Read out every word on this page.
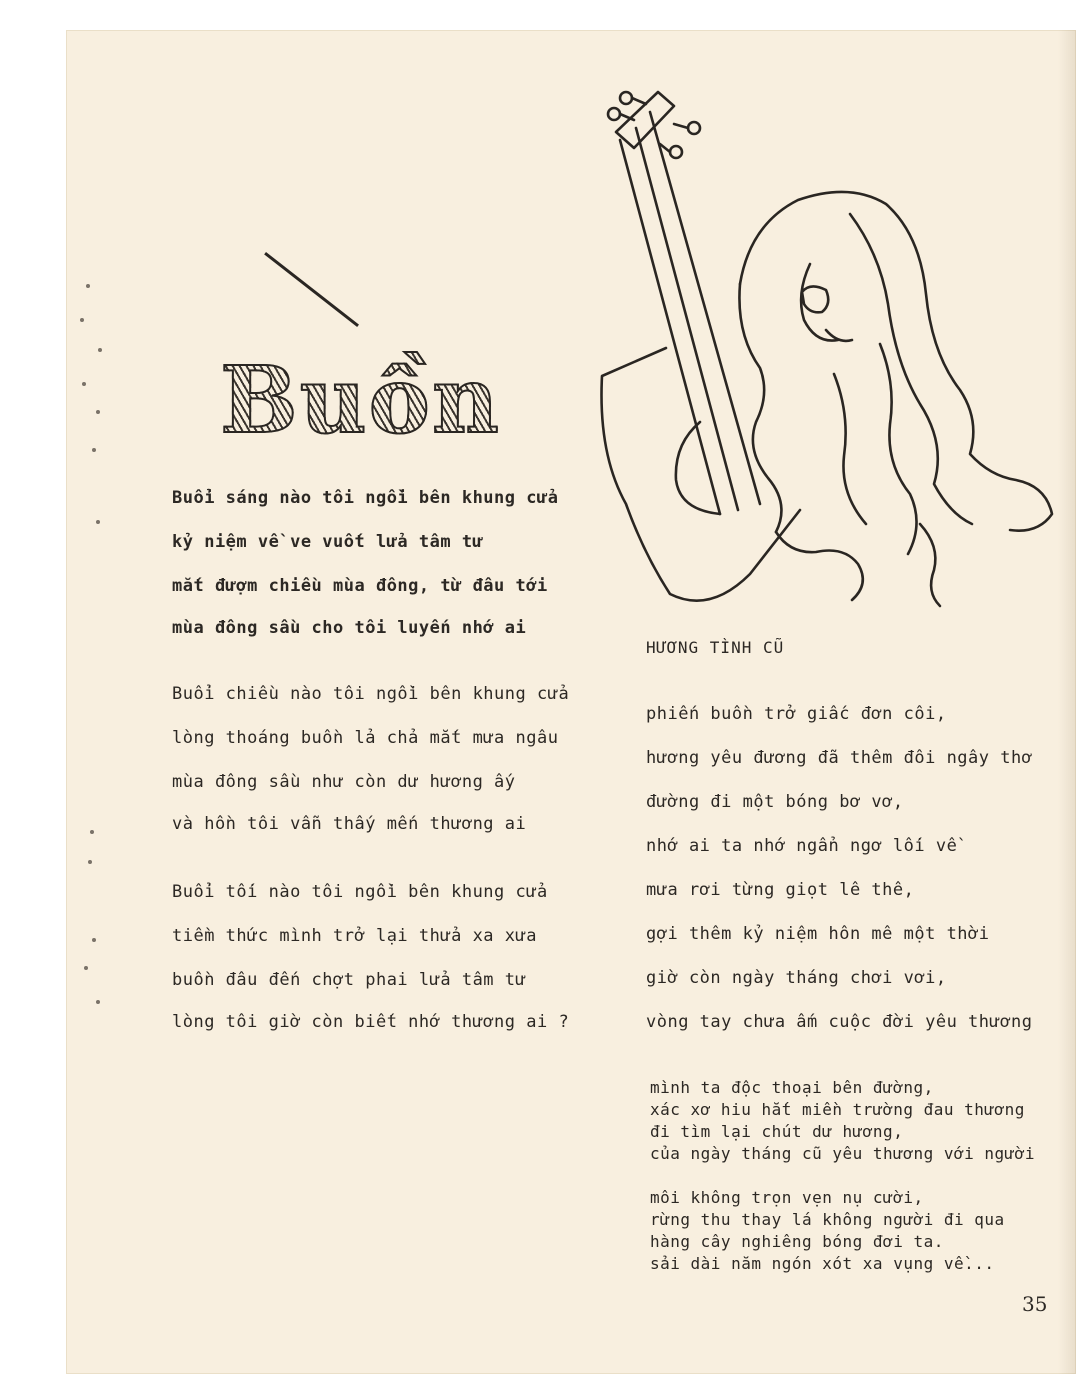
Buồn
Buổi sáng nào tôi ngồi bên khung cửa
kỷ niệm về ve vuốt lửa tâm tư
mắt đượm chiều mùa đông, từ đâu tới
mùa đông sầu cho tôi luyến nhớ ai
Buổi chiều nào tôi ngồi bên khung cửa
lòng thoáng buồn lả chả mắt mưa ngâu
mùa đông sầu như còn dư hương ấy
và hồn tôi vẫn thấy mến thương ai
Buổi tối nào tôi ngồi bên khung cửa
tiềm thức mình trở lại thửa xa xưa
buồn đâu đến chợt phai lửa tâm tư
lòng tôi giờ còn biết nhớ thương ai ?
HƯƠNG TÌNH CŨ
phiến buồn trở giấc đơn côi,
hương yêu đương đã thêm đôi ngây thơ
đường đi một bóng bơ vơ,
nhớ ai ta nhớ ngẩn ngơ lối về
mưa rơi từng giọt lê thê,
gợi thêm kỷ niệm hôn mê một thời
giờ còn ngày tháng chơi vơi,
vòng tay chưa ấm cuộc đời yêu thương
mình ta độc thoại bên đường,
xác xơ hiu hắt miền trường đau thương
đi tìm lại chút dư hương,
của ngày tháng cũ yêu thương với người
môi không trọn vẹn nụ cười,
rừng thu thay lá không người đi qua
hàng cây nghiêng bóng đơi ta.
sải dài năm ngón xót xa vụng về...
35
